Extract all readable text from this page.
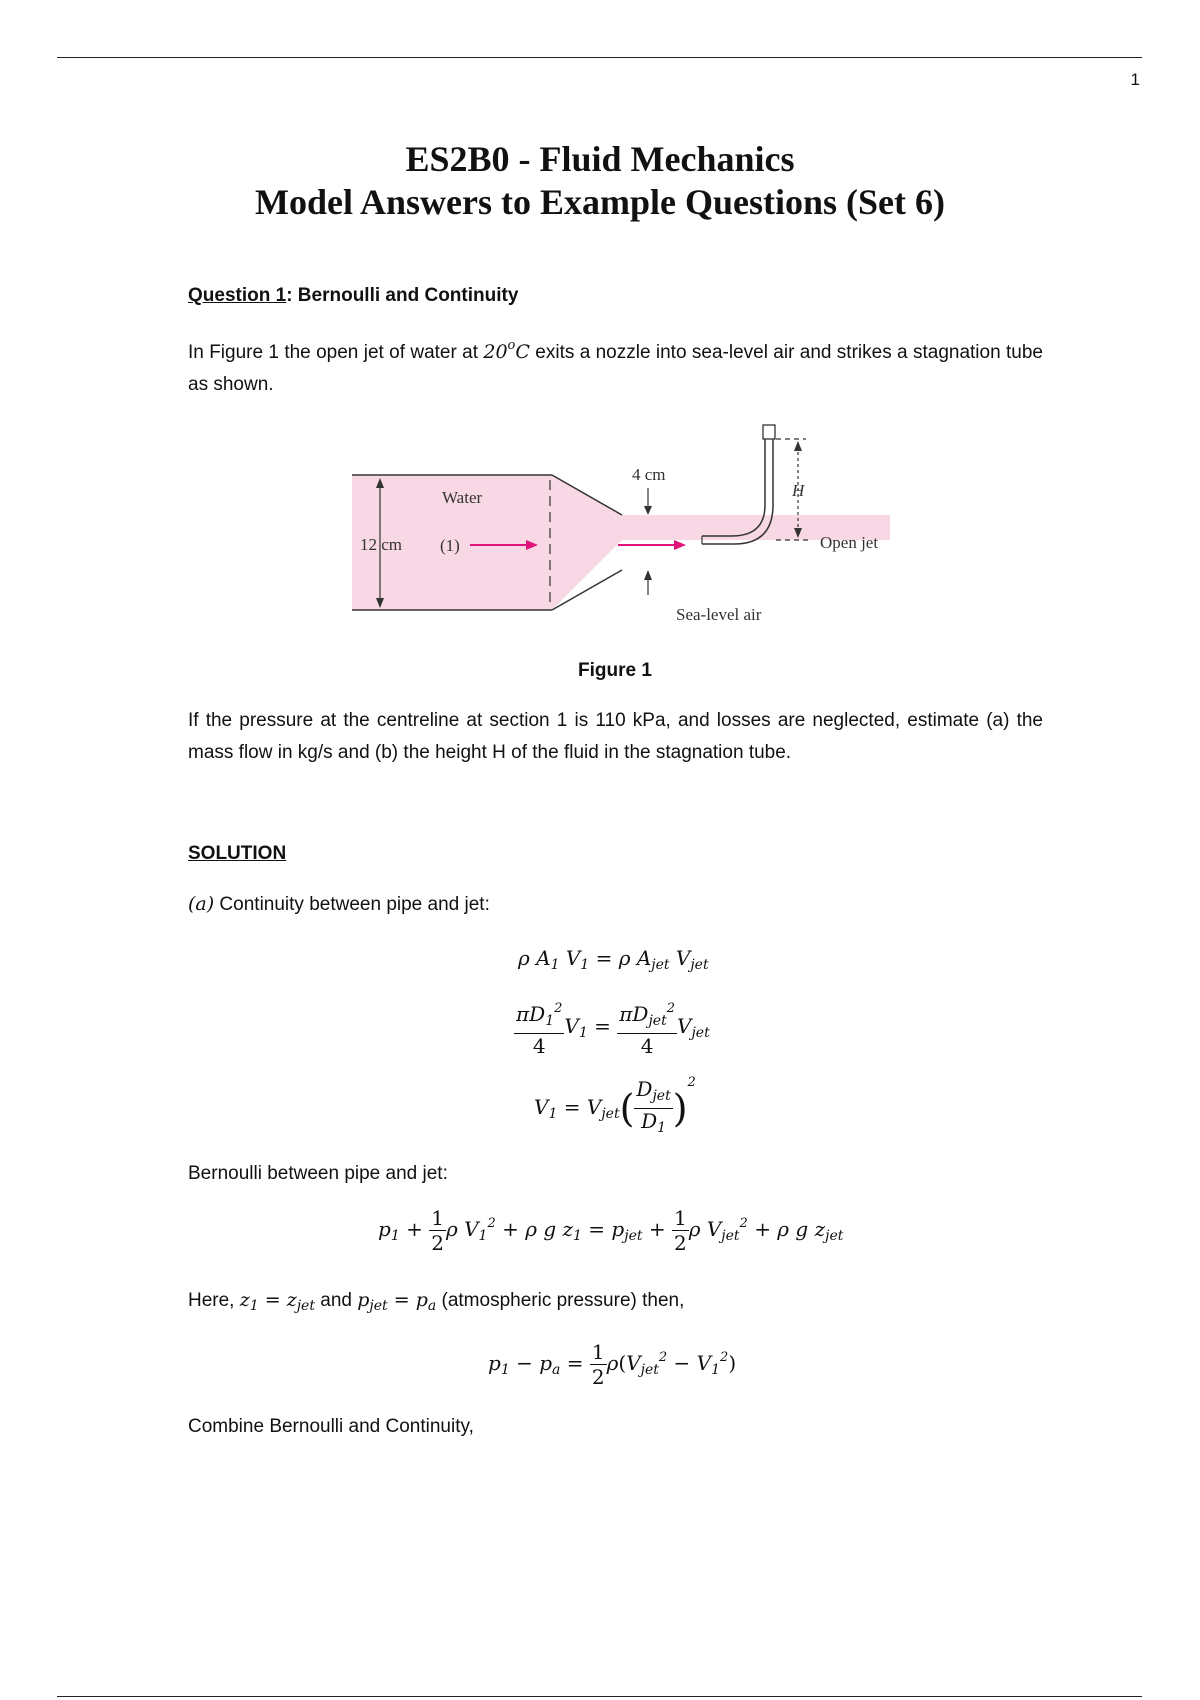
1
ES2B0 - Fluid Mechanics
Model Answers to Example Questions (Set 6)
Question 1: Bernoulli and Continuity
In Figure 1 the open jet of water at 20$^o$C exits a nozzle into sea-level air and strikes a stagnation tube as shown.
Water
(1)
12 cm
4 cm
H
Open jet
Sea-level air
Figure 1
If the pressure at the centreline at section 1 is 110 kPa, and losses are neglected, estimate (a) the mass flow in kg/s and (b) the height H of the fluid in the stagnation tube.
SOLUTION
(a) Continuity between pipe and jet:
ρ $A_1$ $V_1 = \rho$ $A_{jet}$ $V_{jet}$
$\frac{\pi D_1^2}{4} V_1 = \frac{\pi D_{jet}^2}{4} V_{jet}$
$V_1 = V_{jet}( \frac{D_{jet}}{D_1} )^2$
Bernoulli between pipe and jet:
$p_1 + \frac{1}{2}$ ρ $V_1^2 + \rho$ g $z_1 = p_{jet} + \frac{1}{2}$ ρ $V_{jet}^2 + \rho$ g $z_{jet}$
Here, $z_1 = z_{jet}$ and $p_{jet} = p_a$ (atmospheric pressure) then,
$p_1 - p_a = \frac{1}{2} \rho(V_{jet}^2 - V_1^2)$
Combine Bernoulli and Continuity,
